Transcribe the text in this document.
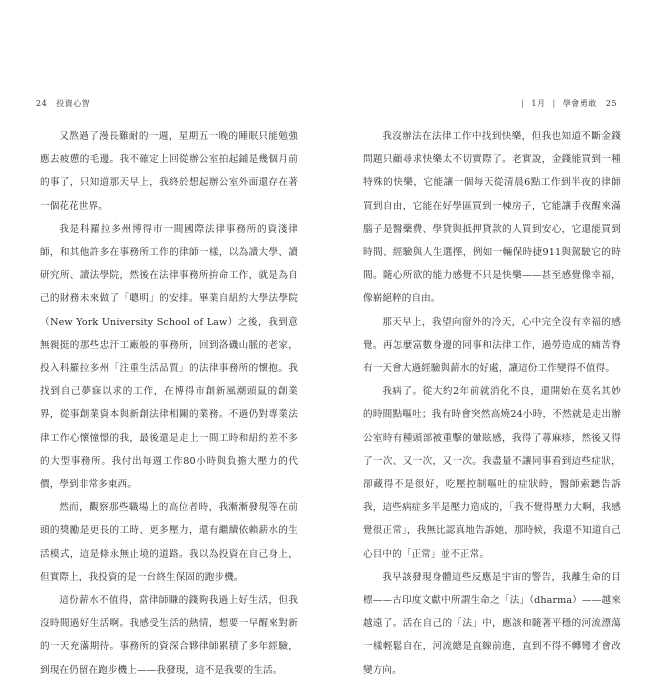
24 投資心智	| 1月 | 學會勇敢 25

又熬過了漫長難耐的一週，星期五一晚的睡眠只能勉強應去疲憊的毛邊。我不確定上回從辦公室拍起鋪是幾個月前的事了，只知道那天早上，我終於想起辦公室外面還存在著一個花花世界。

我是科羅拉多州博得市一間國際法律事務所的資淺律師，和其他許多在事務所工作的律師一樣，以為讀大學、讀研究所、讀法學院，然後在法律事務所拚命工作，就是為自己的財務未來做了「聰明」的安排。畢業自紐約大學法學院（New York University School of Law）之後，我到意無親挺的那些忠汗工廠般的事務所，回到洛磯山脈的老家，投入科羅拉多州「注重生活品質」的法律事務所的懷抱。我找到自己夢寐以求的工作，在博得市創新風潮頭鼠的創業界，從事創業資本與新創法律相關的業務。不過仍對專業法律工作心懷憧憬的我，最後還是走上一間工時和紐約差不多的大型事務所。我付出每週工作80小時與負擔大壓力的代價，學到非常多東西。

然而，觀察那些職場上的高位者時，我漸漸發現等在前頭的獎勵是更長的工時、更多壓力，還有繼續依賴薪水的生活模式，這是條永無止境的道路。我以為投資在自己身上，但實際上，我投資的是一台終生保固的跑步機。

這份薪水不值得，當律師賺的錢夠我過上好生活，但我沒時間過好生活啊。我感受生活的熱情，想要一早醒來對新的一天充滿期待。事務所的資深合夥律師累積了多年經驗，到現在仍留在跑步機上——我發現，這不是我要的生活。

我沒辦法在法律工作中找到快樂，但我也知道不斷金錢問題只顧尋求快樂太不切實際了。老實說，金錢能買到一種特殊的快樂，它能讓一個每天從清晨6點工作到半夜的律師買到自由，它能在好學區買到一棟房子，它能讓手夜醒來滿腦子是醫藥費、學貸與抵押貸款的人買到安心，它還能買到時間、經驗與人生選擇，例如一輛保時捷911與駕駛它的時間。隨心所欲的能力感覺不只是快樂——甚至感覺像幸福，像嶄絕粹的自由。

那天早上，我望向窗外的冷天，心中完全沒有幸福的感覺。再怎麼富數身邊的同事和法律工作，過勞造成的痛苦脊有一天會大過經驗與薪水的好處，讓這份工作變得不值得。

我病了。從大約2年前就消化不良，還開始在莫名其妙的時間點嘔吐；我有時會突然高燒24小時，不然就是走出辦公室時有種頭部被重擊的暈眩感，我得了蕁麻疹，然後又得了一次、又一次，又一次。我盡量不讓同事看到這些症狀，卻藏得不是很好，吃壓控制嘔吐的症狀時，醫師索聽告訴我，這些病症多半是壓力造成的，「我不覺得壓力大啊，我感覺很正常」，我無比認真地告訴她，那時候，我還不知道自己心目中的「正常」並不正常。

我早該發現身體這些反應是宇宙的警告，我離生命的目標——古印度文獻中所謂生命之「法」（dharma）——越來越遠了。活在自己的「法」中，應該和隨著平穩的河流漂蕩一樣輕鬆自在，河流總是直線前進，直到不得不轉彎才會改變方向。
